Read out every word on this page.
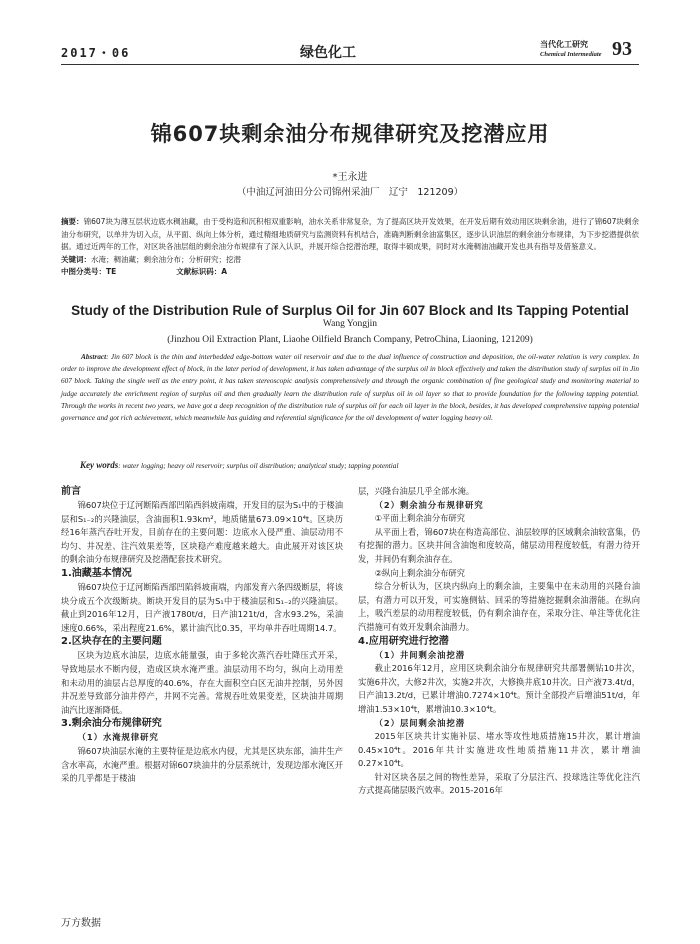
2017・06	绿色化工
当代化工研究
Chemical Intermediate 93
锦607块剩余油分布规律研究及挖潜应用
*王永进
（中油辽河油田分公司锦州采油厂　辽宁　121209）
摘要：锦607块为薄互层状边底水稠油藏，由于受构造和沉积相双重影响，油水关系非常复杂，为了提高区块开发效果，在开发后期有效动用区块剩余油，进行了锦607块剩余油分布研究，以单井为切入点，从平面、纵向上体分析，通过精细地质研究与监测资料有机结合，准确判断剩余油富集区，逐步认识油层的剩余油分布规律，为下步挖潜提供依据。通过近两年的工作，对区块各油层组的剩余油分布规律有了深入认识，并展开综合挖潜治理，取得丰硕成果，同时对水淹稠油油藏开发也具有指导及借鉴意义。
关键词：水淹；稠油藏；剩余油分布；分析研究；挖潜
中图分类号：TE	文献标识码：A
Study of the Distribution Rule of Surplus Oil for Jin 607 Block and Its Tapping Potential
Wang Yongjin
(Jinzhou Oil Extraction Plant, Liaohe Oilfield Branch Company, PetroChina, Liaoning, 121209)
Abstract: Jin 607 block is the thin and interbedded edge-bottom water oil reservoir and due to the dual influence of construction and deposition, the oil-water relation is very complex. In order to improve the development effect of block, in the later period of development, it has taken advantage of the surplus oil in block effectively and taken the distribution study of surplus oil in Jin 607 block. Taking the single well as the entry point, it has taken stereoscopic analysis comprehensively and through the organic combination of fine geological study and monitoring material to judge accurately the enrichment region of surplus oil and then gradually learn the distribution rule of surplus oil in oil layer so that to provide foundation for the following tapping potential. Through the works in recent two years, we have got a deep recognition of the distribution rule of surplus oil for each oil layer in the block, besides, it has developed comprehensive tapping potential governance and got rich achievement, which meanwhile has guiding and referential significance for the oil development of water logging heavy oil.
Key words: water logging; heavy oil reservoir; surplus oil distribution; analytical study; tapping potential
前言

锦607块位于辽河断陷西部凹陷西斜坡南端，开发目的层为S₁中的于楼油层和S₁₋₂的兴隆油层，含油面积1.93km²，地质储量673.09×10⁴t。区块历经16年蒸汽吞吐开发，目前存在的主要问题：边底水入侵严重、油层动用不均匀、井况差、注汽效果差等，区块稳产难度越来越大。由此展开对该区块的剩余油分布规律研究及挖潜配套技术研究。

1.油藏基本情况

锦607块位于辽河断陷西部凹陷斜坡南端，内部发育六条四级断层，将该块分成五个次级断块。断块开发目的层为S₁中于楼油层和S₁₋₂的兴隆油层。截止到2016年12月，日产液1780t/d，日产油121t/d，含水93.2%，采油速度0.66%，采出程度21.6%，累计油汽比0.35，平均单井吞吐周期14.7。

2.区块存在的主要问题

区块为边底水油层，边底水能量强，由于多轮次蒸汽吞吐降压式开采，导致地层水不断内侵，造成区块水淹严重。油层动用不均匀，纵向上动用差和未动用的油层占总厚度的40.6%，存在大面积空白区无油井控制，另外因井况差导致部分油井停产，井网不完善。常规吞吐效果变差，区块油井周期油汽比逐渐降低。

3.剩余油分布规律研究
（1）水淹规律研究

锦607块油层水淹的主要特征是边底水内侵，尤其是区块东部，油井生产含水率高，水淹严重。根据对锦607块油井的分层系统计，发现边部水淹区开采的几乎都是于楼油

层，兴隆台油层几乎全部水淹。

（2）剩余油分布规律研究
①平面上剩余油分布研究

从平面上看，锦607块在构造高部位、油层较厚的区域剩余油较富集，仍有挖掘的潜力。区块井间含油饱和度较高，储层动用程度较低，有潜力待开发，井间仍有剩余油存在。

②纵向上剩余油分布研究

综合分析认为，区块内纵向上的剩余油，主要集中在未动用的兴隆台油层，有潜力可以开发，可实施侧钻、回采的等措施挖掘剩余油潜能。在纵向上，吸汽差层的动用程度较低，仍有剩余油存在，采取分注、单注等优化注汽措施可有效开发剩余油潜力。

4.应用研究进行挖潜
（1）井间剩余油挖潜

截止2016年12月，应用区块剩余油分布规律研究共部署侧钻10井次，实施6井次，大修2井次，实施2井次，大修换井底10井次。日产液73.4t/d，日产油13.2t/d，已累计增油0.7274×10⁴t。预计全部投产后增油51t/d，年增油1.53×10⁴t，累增油10.3×10⁴t。

（2）层间剩余油挖潜

2015年区块共计实施补层、堵水等攻性地质措施15井次，累计增油0.45×10⁴t。2016年共计实施进攻性地质措施11井次，累计增油0.27×10⁴t。

针对区块各层之间的物性差异，采取了分层注汽、投球选注等优化注汽方式提高储层吸汽效率。2015-2016年

万方数据
